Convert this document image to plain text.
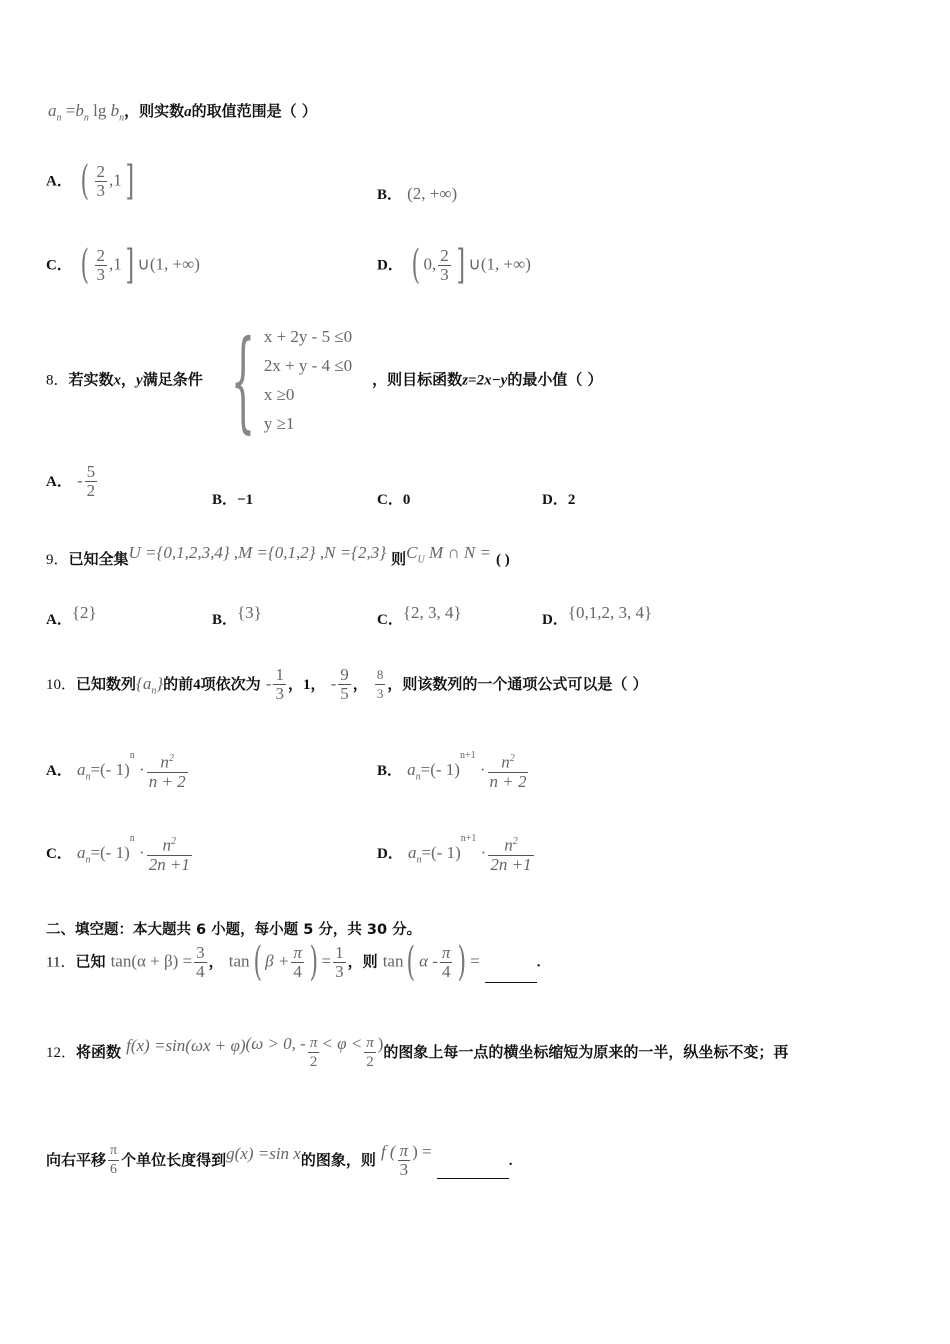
$a_n =b_n$ $\lg b_n$，则实数a的取值范围是（ ）
A． ( $\frac{2}{3} ,1$]	B． (2, +∞)
C． ( $\frac{2}{3} ,1$] ∪(1, +∞)	D． ( 0, $\frac{2}{3}$ ] ∪(1, +∞)
8．若实数x，y满足条件 { x + 2y - 5 ≤0
2x + y - 4 ≤0
x ≥0
y ≥1
，则目标函数z=2x−y的最小值（ ）
A． - $\frac{5}{2}$	B．−1	C．0	D．2
9．已知全集U ={0,1,2,3,4} ,M ={0,1,2} ,N ={2,3} 则$C_U$ M ∩ N = ( )
A．{2}	B．{3}	C．{2, 3, 4}	D．{0,1,2, 3, 4}
10．已知数列$\{a_n\}$的前4项依次为 - $\frac{1}{3}$ ，1， - $\frac{9}{5}$ ， $\frac{8}{3}$ ，则该数列的一个通项公式可以是（ ）
A． $a_n=(-$ $1)^n \cdot \frac{n^2}{n + 2}$	B． $a_n=(-$ $1)^{n+1} \cdot \frac{n^2}{n + 2}$
C． $a_n=(-$ $1)^n \cdot \frac{n^2}{2n +1}$	D． $a_n=(-$ $1)^{n+1} \cdot \frac{n^2}{2n +1}$
二、填空题：本大题共 6 小题，每小题 5 分，共 30 分。
11．已知 $\tan(\alpha + \beta) = \frac{3}{4}$ ， tan( $\beta + \frac{\pi}{4}$ ) = $\frac{1}{3}$ ，则 tan( α - $\frac{\pi}{4}$ ) =	.
12．将函数 f(x) =sin(ωx + φ)(ω > 0, - $\frac{\pi}{2} < \varphi < \frac{\pi}{2}$ )的图象上每一点的横坐标缩短为原来的一半，纵坐标不变；再
向右平移 $\frac{\pi}{6}$ 个单位长度得到g(x) =sin x的图象，则 f ( $\frac{\pi}{3}$ ) =	.
